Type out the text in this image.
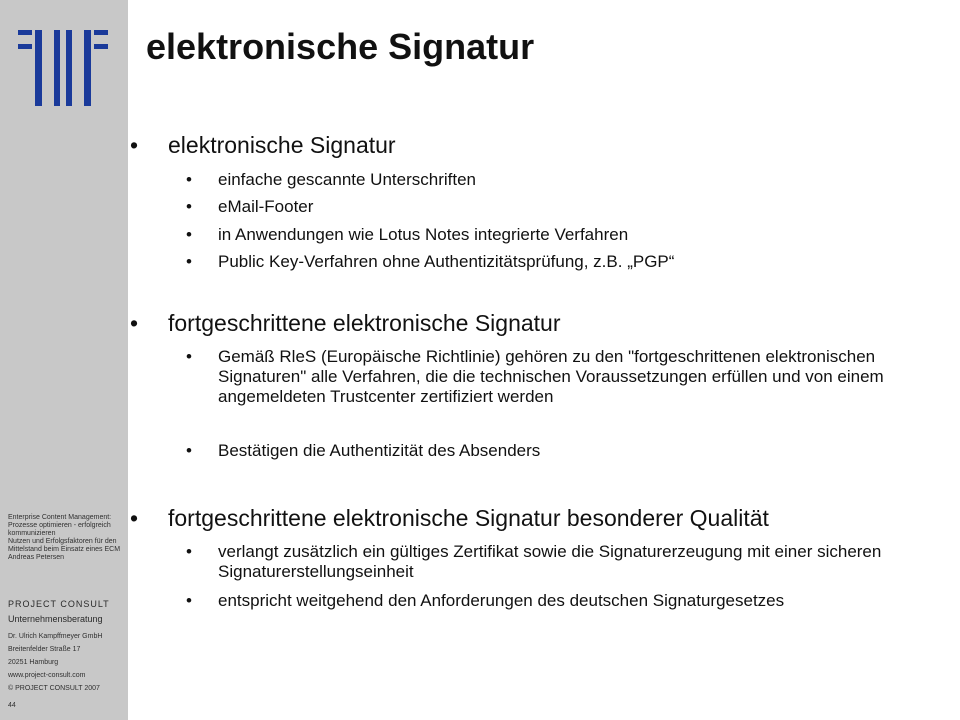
Enterprise Content Management:
Prozesse optimieren - erfolgreich kommunizieren
Nutzen und Erfolgsfaktoren für den Mittelstand beim Einsatz eines ECM
Andreas Petersen
PROJECT CONSULT
Unternehmensberatung
Dr. Ulrich Kampffmeyer GmbH
Breitenfelder Straße 17
20251 Hamburg
www.project-consult.com
© PROJECT CONSULT 2007
44
elektronische Signatur
• elektronische Signatur
• einfache gescannte Unterschriften
• eMail-Footer
• in Anwendungen wie Lotus Notes integrierte Verfahren
• Public Key-Verfahren ohne Authentizitätsprüfung, z.B. „PGP“
• fortgeschrittene elektronische Signatur
• Gemäß RleS (Europäische Richtlinie) gehören zu den "fortgeschrittenen elektronischen Signaturen" alle Verfahren, die die technischen Voraussetzungen erfüllen und von einem angemeldeten Trustcenter zertifiziert werden
• Bestätigen die Authentizität des Absenders
• fortgeschrittene elektronische Signatur besonderer Qualität
• verlangt zusätzlich ein gültiges Zertifikat sowie die Signaturerzeugung mit einer sicheren Signaturerstellungseinheit
• entspricht weitgehend den Anforderungen des deutschen Signaturgesetzes
